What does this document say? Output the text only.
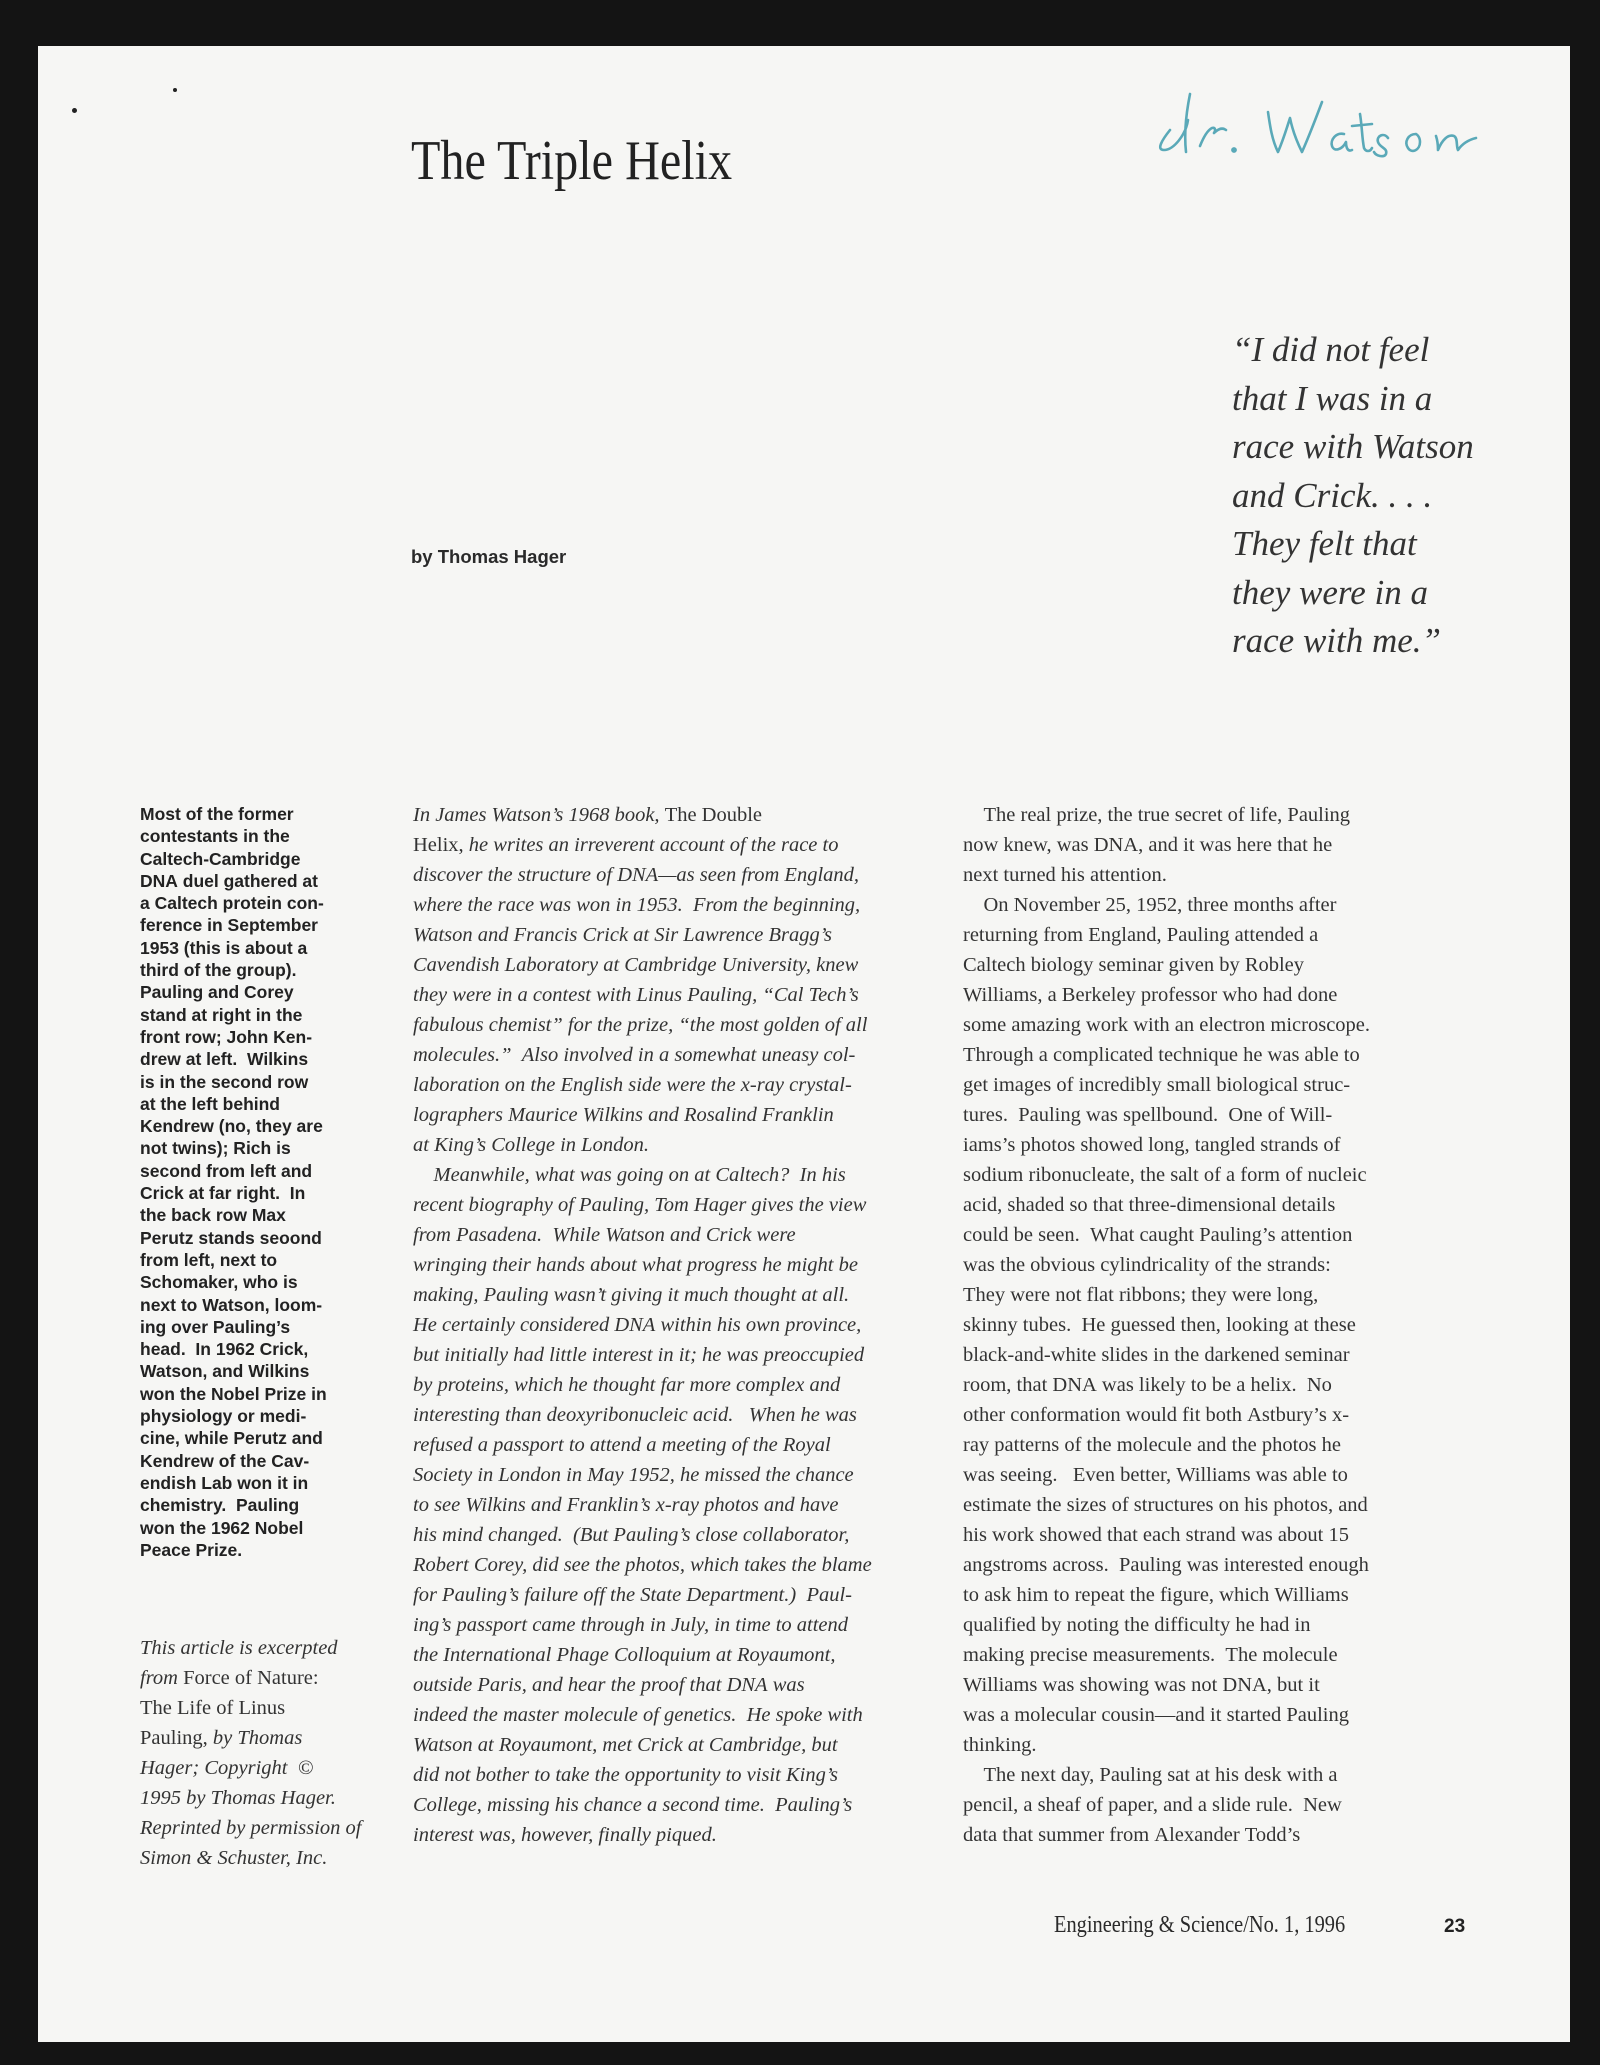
The Triple Helix
“I did not feel
that I was in a
race with Watson
and Crick. . . .
They felt that
they were in a
race with me.”
by Thomas Hager
Most of the former
contestants in the
Caltech-Cambridge
DNA duel gathered at
a Caltech protein con-
ference in September
1953 (this is about a
third of the group).
Pauling and Corey
stand at right in the
front row; John Ken-
drew at left.  Wilkins
is in the second row
at the left behind
Kendrew (no, they are
not twins); Rich is
second from left and
Crick at far right.  In
the back row Max
Perutz stands seoond
from left, next to
Schomaker, who is
next to Watson, loom-
ing over Pauling’s
head.  In 1962 Crick,
Watson, and Wilkins
won the Nobel Prize in
physiology or medi-
cine, while Perutz and
Kendrew of the Cav-
endish Lab won it in
chemistry.  Pauling
won the 1962 Nobel
Peace Prize.
This article is excerpted
from Force of Nature:
The Life of Linus
Pauling, by Thomas
Hager; Copyright  ©
1995 by Thomas Hager.
Reprinted by permission of
Simon & Schuster, Inc.
In James Watson’s 1968 book, The Double
Helix, he writes an irreverent account of the race to
discover the structure of DNA—as seen from England,
where the race was won in 1953.  From the beginning,
Watson and Francis Crick at Sir Lawrence Bragg’s
Cavendish Laboratory at Cambridge University, knew
they were in a contest with Linus Pauling, “Cal Tech’s
fabulous chemist” for the prize, “the most golden of all
molecules.”  Also involved in a somewhat uneasy col-
laboration on the English side were the x-ray crystal-
lographers Maurice Wilkins and Rosalind Franklin
at King’s College in London.
Meanwhile, what was going on at Caltech?  In his
recent biography of Pauling, Tom Hager gives the view
from Pasadena.  While Watson and Crick were
wringing their hands about what progress he might be
making, Pauling wasn’t giving it much thought at all.
He certainly considered DNA within his own province,
but initially had little interest in it; he was preoccupied
by proteins, which he thought far more complex and
interesting than deoxyribonucleic acid.   When he was
refused a passport to attend a meeting of the Royal
Society in London in May 1952, he missed the chance
to see Wilkins and Franklin’s x-ray photos and have
his mind changed.  (But Pauling’s close collaborator,
Robert Corey, did see the photos, which takes the blame
for Pauling’s failure off the State Department.)  Paul-
ing’s passport came through in July, in time to attend
the International Phage Colloquium at Royaumont,
outside Paris, and hear the proof that DNA was
indeed the master molecule of genetics.  He spoke with
Watson at Royaumont, met Crick at Cambridge, but
did not bother to take the opportunity to visit King’s
College, missing his chance a second time.  Pauling’s
interest was, however, finally piqued.
The real prize, the true secret of life, Pauling
now knew, was DNA, and it was here that he
next turned his attention.
On November 25, 1952, three months after
returning from England, Pauling attended a
Caltech biology seminar given by Robley
Williams, a Berkeley professor who had done
some amazing work with an electron microscope.
Through a complicated technique he was able to
get images of incredibly small biological struc-
tures.  Pauling was spellbound.  One of Will-
iams’s photos showed long, tangled strands of
sodium ribonucleate, the salt of a form of nucleic
acid, shaded so that three-dimensional details
could be seen.  What caught Pauling’s attention
was the obvious cylindricality of the strands:
They were not flat ribbons; they were long,
skinny tubes.  He guessed then, looking at these
black-and-white slides in the darkened seminar
room, that DNA was likely to be a helix.  No
other conformation would fit both Astbury’s x-
ray patterns of the molecule and the photos he
was seeing.   Even better, Williams was able to
estimate the sizes of structures on his photos, and
his work showed that each strand was about 15
angstroms across.  Pauling was interested enough
to ask him to repeat the figure, which Williams
qualified by noting the difficulty he had in
making precise measurements.  The molecule
Williams was showing was not DNA, but it
was a molecular cousin—and it started Pauling
thinking.
The next day, Pauling sat at his desk with a
pencil, a sheaf of paper, and a slide rule.  New
data that summer from Alexander Todd’s
Engineering & Science/No. 1, 1996	23
